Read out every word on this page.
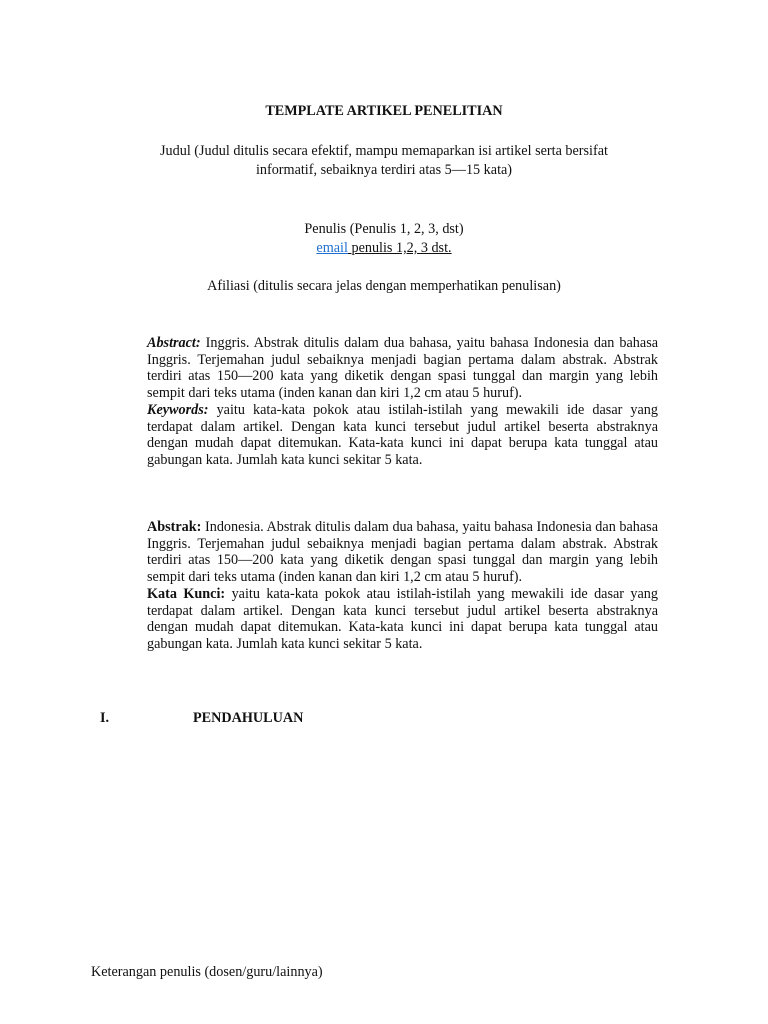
TEMPLATE ARTIKEL PENELITIAN
Judul (Judul ditulis secara efektif, mampu memaparkan isi artikel serta bersifat
informatif, sebaiknya terdiri atas 5—15 kata)
Penulis (Penulis 1, 2, 3, dst)
email penulis 1,2, 3 dst.
Afiliasi (ditulis secara jelas dengan memperhatikan penulisan)

Abstract: Inggris. Abstrak ditulis dalam dua bahasa, yaitu bahasa Indonesia dan bahasa Inggris. Terjemahan judul sebaiknya menjadi bagian pertama dalam abstrak. Abstrak terdiri atas 150—200 kata yang diketik dengan spasi tunggal dan margin yang lebih sempit dari teks utama (inden kanan dan kiri 1,2 cm atau 5 huruf).

Keywords: yaitu kata-kata pokok atau istilah-istilah yang mewakili ide dasar yang terdapat dalam artikel. Dengan kata kunci tersebut judul artikel beserta abstraknya dengan mudah dapat ditemukan. Kata-kata kunci ini dapat berupa kata tunggal atau gabungan kata. Jumlah kata kunci sekitar 5 kata.

Abstrak: Indonesia. Abstrak ditulis dalam dua bahasa, yaitu bahasa Indonesia dan bahasa Inggris. Terjemahan judul sebaiknya menjadi bagian pertama dalam abstrak. Abstrak terdiri atas 150—200 kata yang diketik dengan spasi tunggal dan margin yang lebih sempit dari teks utama (inden kanan dan kiri 1,2 cm atau 5 huruf).

Kata Kunci: yaitu kata-kata pokok atau istilah-istilah yang mewakili ide dasar yang terdapat dalam artikel. Dengan kata kunci tersebut judul artikel beserta abstraknya dengan mudah dapat ditemukan. Kata-kata kunci ini dapat berupa kata tunggal atau gabungan kata. Jumlah kata kunci sekitar 5 kata.

I.	PENDAHULUAN
Keterangan penulis (dosen/guru/lainnya)
